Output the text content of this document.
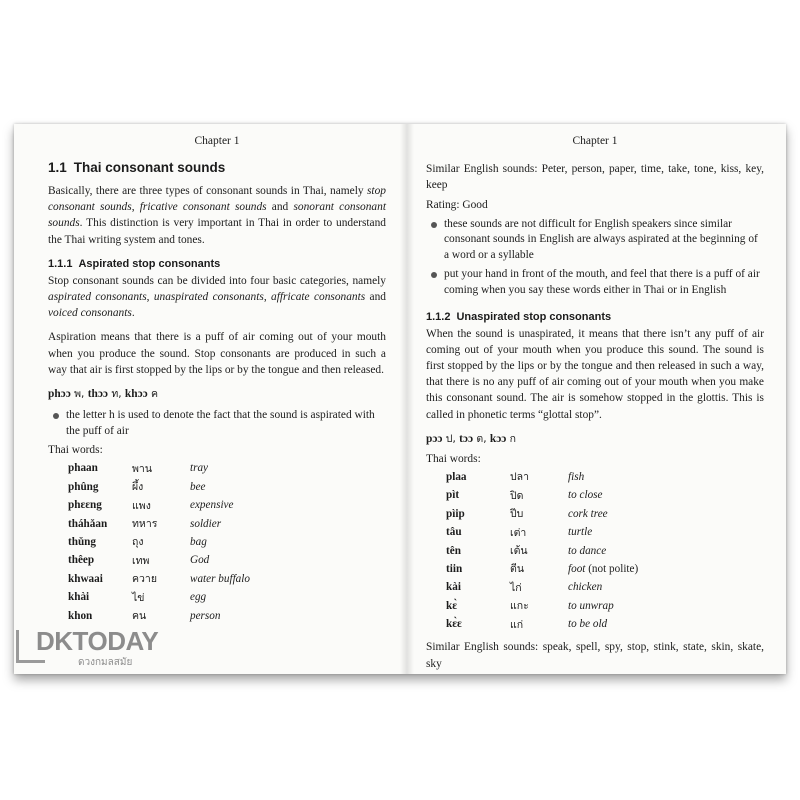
Chapter 1
1.1 Thai consonant sounds

Basically, there are three types of consonant sounds in Thai, namely stop consonant sounds, fricative consonant sounds and sonorant consonant sounds. This distinction is very important in Thai in order to understand the Thai writing system and tones.

1.1.1 Aspirated stop consonants

Stop consonant sounds can be divided into four basic categories, namely aspirated consonants, unaspirated consonants, affricate consonants and voiced consonants.

Aspiration means that there is a puff of air coming out of your mouth when you produce the sound. Stop consonants are produced in such a way that air is first stopped by the lips or by the tongue and then released.

phɔɔ พ, thɔɔ ท, khɔɔ ค
the letter h is used to denote the fact that the sound is aspirated with the puff of air
Thai words:
phaan	พาน	tray
phûng	ผึ้ง	bee
phɛɛng	แพง	expensive
tháhǎan	ทหาร	soldier
thǔng	ถุง	bag
thêep	เทพ	God
khwaai	ควาย	water buffalo
khài	ไข่	egg
khon	คน	person
Chapter 1

Similar English sounds: Peter, person, paper, time, take, tone, kiss, key, keep

Rating: Good

these sounds are not difficult for English speakers since similar consonant sounds in English are always aspirated at the beginning of a word or a syllable
put your hand in front of the mouth, and feel that there is a puff of air coming when you say these words either in Thai or in English
1.1.2 Unaspirated stop consonants

When the sound is unaspirated, it means that there isn’t any puff of air coming out of your mouth when you produce this sound. The sound is first stopped by the lips or by the tongue and then released in such a way, that there is no any puff of air coming out of your mouth when you make this consonant sound. The air is somehow stopped in the glottis. This is called in phonetic terms “glottal stop”.

pɔɔ ป, tɔɔ ต, kɔɔ ก
Thai words:
plaa	ปลา	fish
pìt	ปิด	to close
pìip	ปีบ	cork tree
tâu	เต่า	turtle
tên	เต้น	to dance
tiin	ตีน	foot (not polite)
kài	ไก่	chicken
kɛ̀	แกะ	to unwrap
kɛ̀ɛ	แก่	to be old

Similar English sounds: speak, spell, spy, stop, stink, state, skin, skate, sky

DKTODAY
ดวงกมลสมัย
